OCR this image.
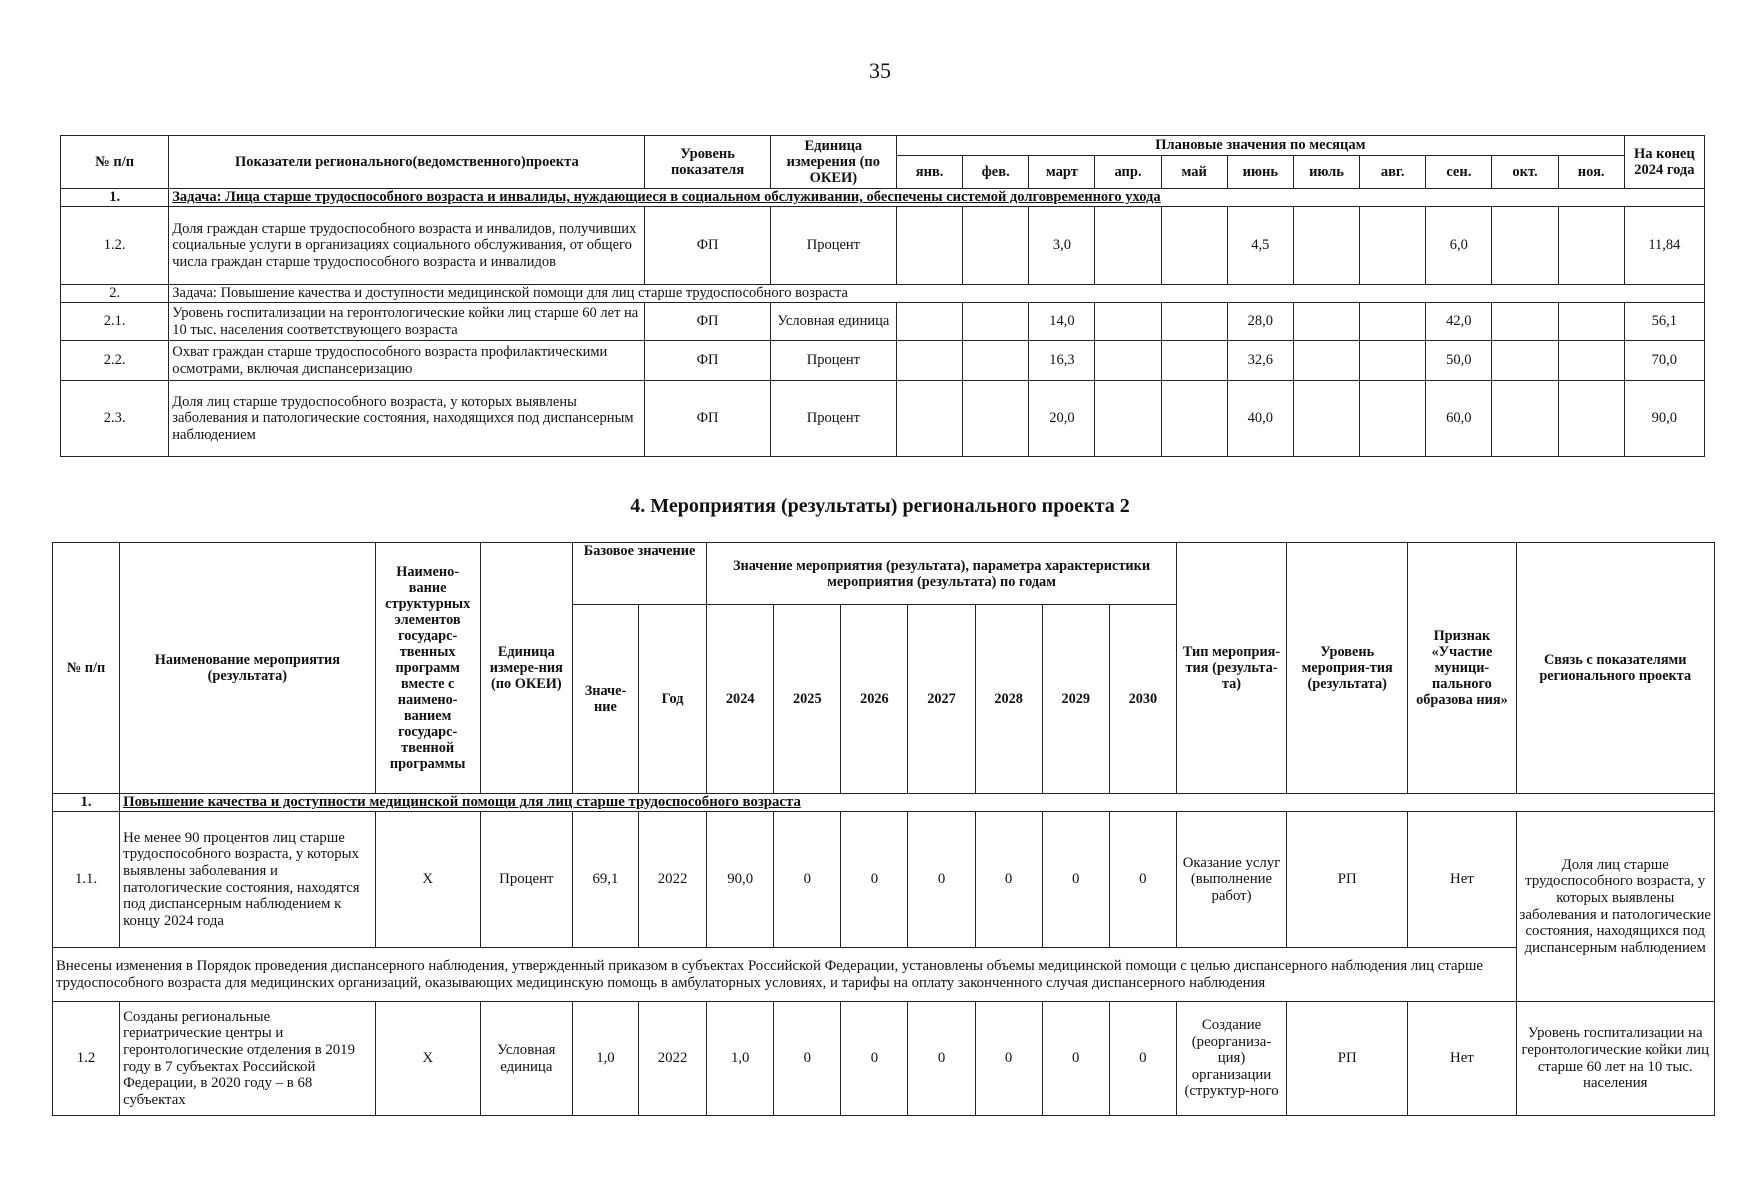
35
№ п/п	Показатели регионального(ведомственного)проекта	Уровень показателя	Единица измерения (по ОКЕИ)	Плановые значения по месяцам											На конец 2024 года
				янв.	фев.	март	апр.	май	июнь	июль	авг.	сен.	окт.	ноя.	
1.	Задача: Лица старше трудоспособного возраста и инвалиды, нуждающиеся в социальном обслуживании, обеспечены системой долговременного ухода														
1.2.	Доля граждан старше трудоспособного возраста и инвалидов, получивших социальные услуги в организациях социального обслуживания, от общего числа граждан старше трудоспособного возраста и инвалидов	ФП	Процент			3,0			4,5			6,0			11,84
2.	Задача: Повышение качества и доступности медицинской помощи для лиц старше трудоспособного возраста														
2.1.	Уровень госпитализации на геронтологические койки лиц старше 60 лет на 10 тыс. населения соответствующего возраста	ФП	Условная единица			14,0			28,0			42,0			56,1
2.2.	Охват граждан старше трудоспособного возраста профилактическими осмотрами, включая диспансеризацию	ФП	Процент			16,3			32,6			50,0			70,0
2.3.	Доля лиц старше трудоспособного возраста, у которых выявлены заболевания и патологические состояния, находящихся под диспансерным наблюдением	ФП	Процент			20,0			40,0			60,0			90,0
4. Мероприятия (результаты) регионального проекта 2
№ п/п	Наименование мероприятия (результата)	Наимено-вание структурных элементов государс-твенных программ вместе с наимено-ванием государс-твенной программы	Единица измере-ния (по ОКЕИ)	Базовое значение		Значение мероприятия (результата), параметра характеристики мероприятия (результата) по годам							Тип мероприя-тия (результа-та)	Уровень мероприя-тия (результата)	Признак «Участие муници-пального образова ния»	Связь с показателями регионального проекта
				Значе-ние	Год	2024	2025	2026	2027	2028	2029	2030				
1.	Повышение качества и доступности медицинской помощи для лиц старше трудоспособного возраста															
1.1.	Не менее 90 процентов лиц старше трудоспособного возраста, у которых выявлены заболевания и патологические состояния, находятся под диспансерным наблюдением к концу 2024 года	Х	Процент	69,1	2022	90,0	0	0	0	0	0	0	Оказание услуг (выполнение работ)	РП	Нет	Доля лиц старше трудоспособного возраста, у которых выявлены заболевания и патологические состояния, находящихся под диспансерным наблюдением
Внесены изменения в Порядок проведения диспансерного наблюдения, утвержденный приказом в субъектах Российской Федерации, установлены объемы медицинской помощи с целью диспансерного наблюдения лиц старше трудоспособного возраста для медицинских организаций, оказывающих медицинскую помощь в амбулаторных условиях, и тарифы на оплату законченного случая диспансерного наблюдения																
1.2	Созданы региональные гериатрические центры и геронтологические отделения в 2019 году в 7 субъектах Российской Федерации, в 2020 году – в 68 субъектах	Х	Условная единица	1,0	2022	1,0	0	0	0	0	0	0	Создание (реорганиза-ция) организации (структур-ного	РП	Нет	Уровень госпитализации на геронтологические койки лиц старше 60 лет на 10 тыс. населения
